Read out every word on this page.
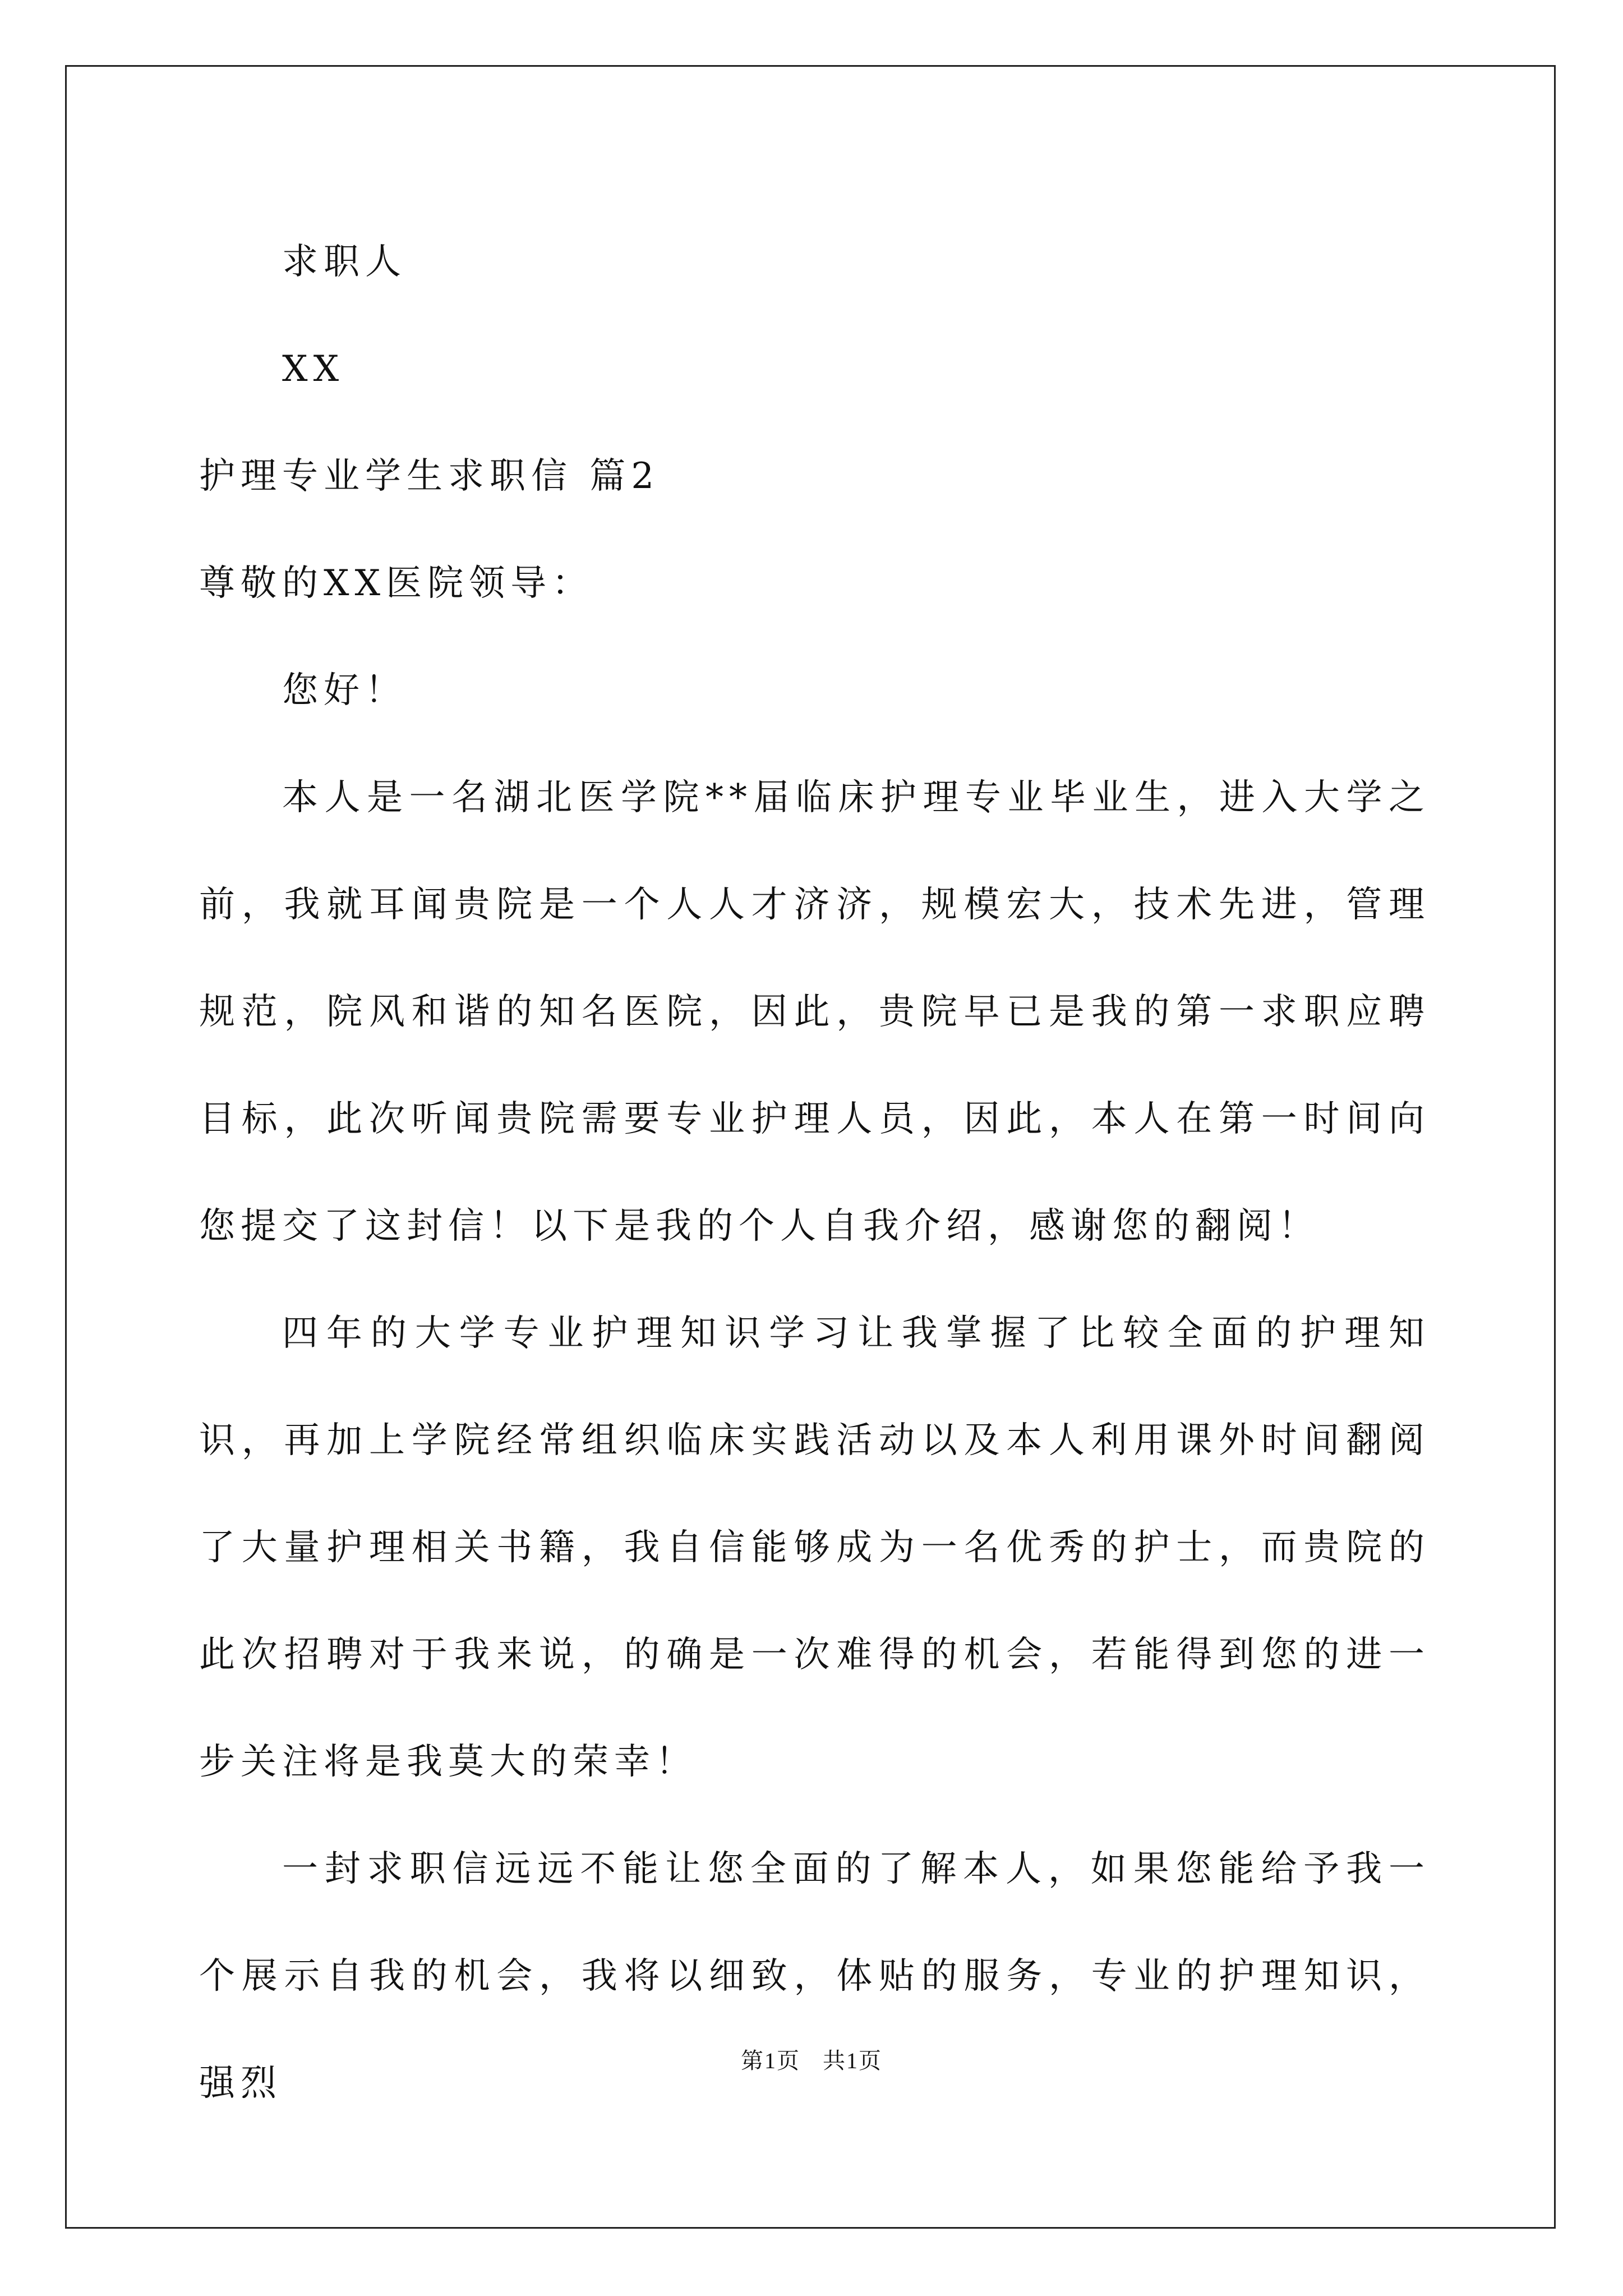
求职人
XX
护理专业学生求职信 篇2
尊敬的XX医院领导：
您好！
本人是一名湖北医学院**届临床护理专业毕业生，进入大学之前，我就耳闻贵院是一个人人才济济，规模宏大，技术先进，管理规范，院风和谐的知名医院，因此，贵院早已是我的第一求职应聘目标，此次听闻贵院需要专业护理人员，因此，本人在第一时间向您提交了这封信！以下是我的个人自我介绍，感谢您的翻阅！
四年的大学专业护理知识学习让我掌握了比较全面的护理知识，再加上学院经常组织临床实践活动以及本人利用课外时间翻阅了大量护理相关书籍，我自信能够成为一名优秀的护士，而贵院的此次招聘对于我来说，的确是一次难得的机会，若能得到您的进一步关注将是我莫大的荣幸！
一封求职信远远不能让您全面的了解本人，如果您能给予我一个展示自我的机会，我将以细致，体贴的服务，专业的护理知识，强烈
第1页 共1页
